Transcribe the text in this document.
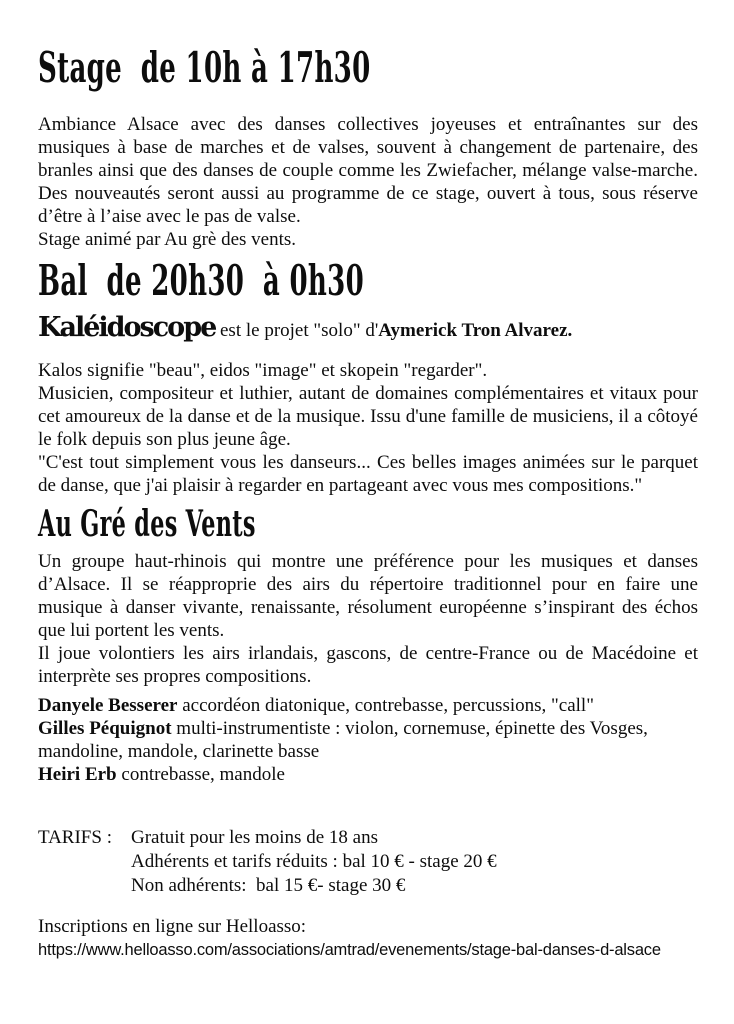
Stage  de 10h à 17h30

Ambiance Alsace avec des danses collectives joyeuses et entraînantes sur des musiques à base de marches et de valses, souvent à changement de partenaire, des branles ainsi que des danses de couple comme les Zwiefacher, mélange valse-marche. Des nouveautés seront aussi au programme de ce stage, ouvert à tous, sous réserve d’être à l’aise avec le pas de valse.
Stage animé par Au grè des vents.

Bal  de 20h30  à 0h30

Kaléidoscope est le projet "solo" d'Aymerick Tron Alvarez.

Kalos signifie "beau", eidos "image" et skopein "regarder".
Musicien, compositeur et luthier, autant de domaines complémentaires et vitaux pour cet amoureux de la danse et de la musique. Issu d'une famille de musiciens, il a côtoyé le folk depuis son plus jeune âge.
"C'est tout simplement vous les danseurs... Ces belles images animées sur le parquet de danse, que j'ai plaisir à regarder en partageant avec vous mes compositions."

Au Gré des Vents

Un groupe haut-rhinois qui montre une préférence pour les musiques et danses d’Alsace. Il se réapproprie des airs du répertoire traditionnel pour en faire une musique à danser vivante, renaissante, résolument européenne s’inspirant des échos que lui portent les vents.
Il joue volontiers les airs irlandais, gascons, de centre-France ou de Macédoine et interprète ses propres compositions.

Danyele Besserer accordéon diatonique, contrebasse, percussions, "call"
Gilles Péquignot multi-instrumentiste : violon, cornemuse, épinette des Vosges, mandoline, mandole, clarinette basse
Heiri Erb contrebasse, mandole

TARIFS :	Gratuit pour les moins de 18 ans
Adhérents et tarifs réduits : bal 10 € - stage 20 €
Non adhérents:  bal 15 €- stage 30 €

Inscriptions en ligne sur Helloasso:

https://www.helloasso.com/associations/amtrad/evenements/stage-bal-danses-d-alsace
